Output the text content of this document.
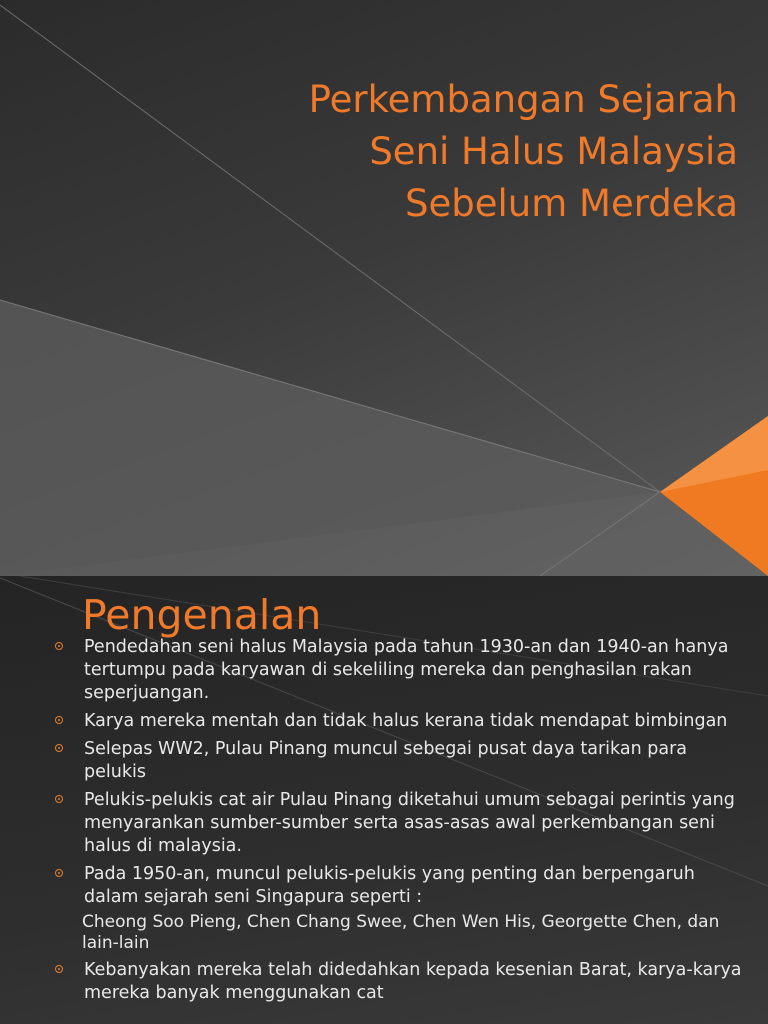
Perkembangan Sejarah
Seni Halus Malaysia
Sebelum Merdeka
Pengenalan
Pendedahan seni halus Malaysia pada tahun 1930-an dan 1940-an hanya tertumpu pada karyawan di sekeliling mereka dan penghasilan rakan seperjuangan.
Karya mereka mentah dan tidak halus kerana tidak mendapat bimbingan
Selepas WW2, Pulau Pinang muncul sebegai pusat daya tarikan para pelukis
Pelukis-pelukis cat air Pulau Pinang diketahui umum sebagai perintis yang menyarankan sumber-sumber serta asas-asas awal perkembangan seni halus di malaysia.
Pada 1950-an, muncul pelukis-pelukis yang penting dan berpengaruh dalam sejarah seni Singapura seperti :
Cheong Soo Pieng, Chen Chang Swee, Chen Wen His, Georgette Chen, dan lain-lain
Kebanyakan mereka telah didedahkan kepada kesenian Barat, karya-karya mereka banyak menggunakan cat
